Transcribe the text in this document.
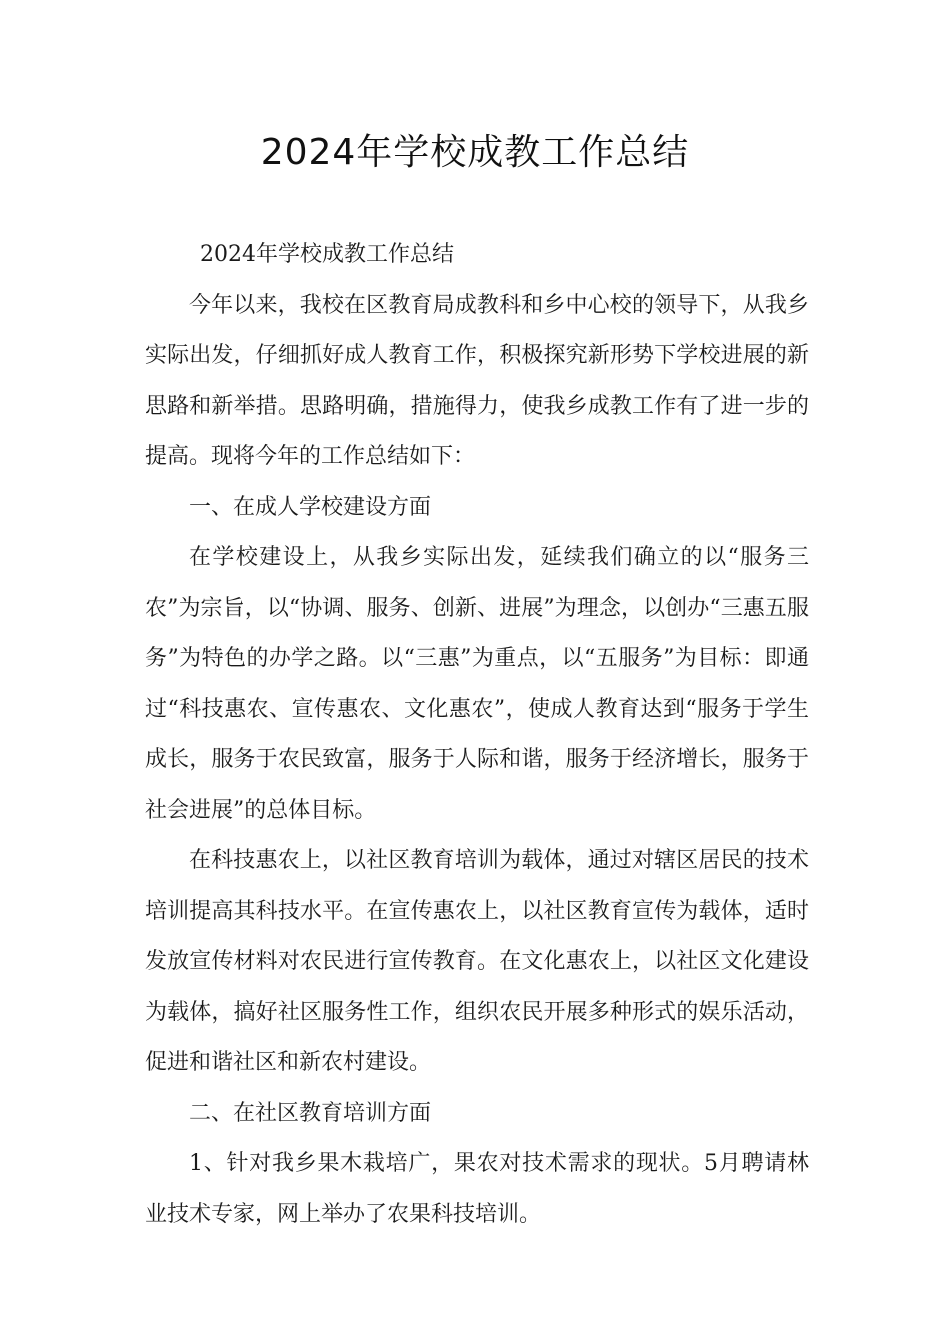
2024年学校成教工作总结

2024年学校成教工作总结

今年以来，我校在区教育局成教科和乡中心校的领导下，从我乡实际出发，仔细抓好成人教育工作，积极探究新形势下学校进展的新思路和新举措。思路明确，措施得力，使我乡成教工作有了进一步的提高。现将今年的工作总结如下：

一、在成人学校建设方面

在学校建设上，从我乡实际出发，延续我们确立的以“服务三农”为宗旨，以“协调、服务、创新、进展”为理念，以创办“三惠五服务”为特色的办学之路。以“三惠”为重点，以“五服务”为目标：即通过“科技惠农、宣传惠农、文化惠农”，使成人教育达到“服务于学生成长，服务于农民致富，服务于人际和谐，服务于经济增长，服务于社会进展”的总体目标。

在科技惠农上，以社区教育培训为载体，通过对辖区居民的技术培训提高其科技水平。在宣传惠农上，以社区教育宣传为载体，适时发放宣传材料对农民进行宣传教育。在文化惠农上，以社区文化建设为载体，搞好社区服务性工作，组织农民开展多种形式的娱乐活动，促进和谐社区和新农村建设。

二、在社区教育培训方面

1、针对我乡果木栽培广，果农对技术需求的现状。5月聘请林业技术专家，网上举办了农果科技培训。
